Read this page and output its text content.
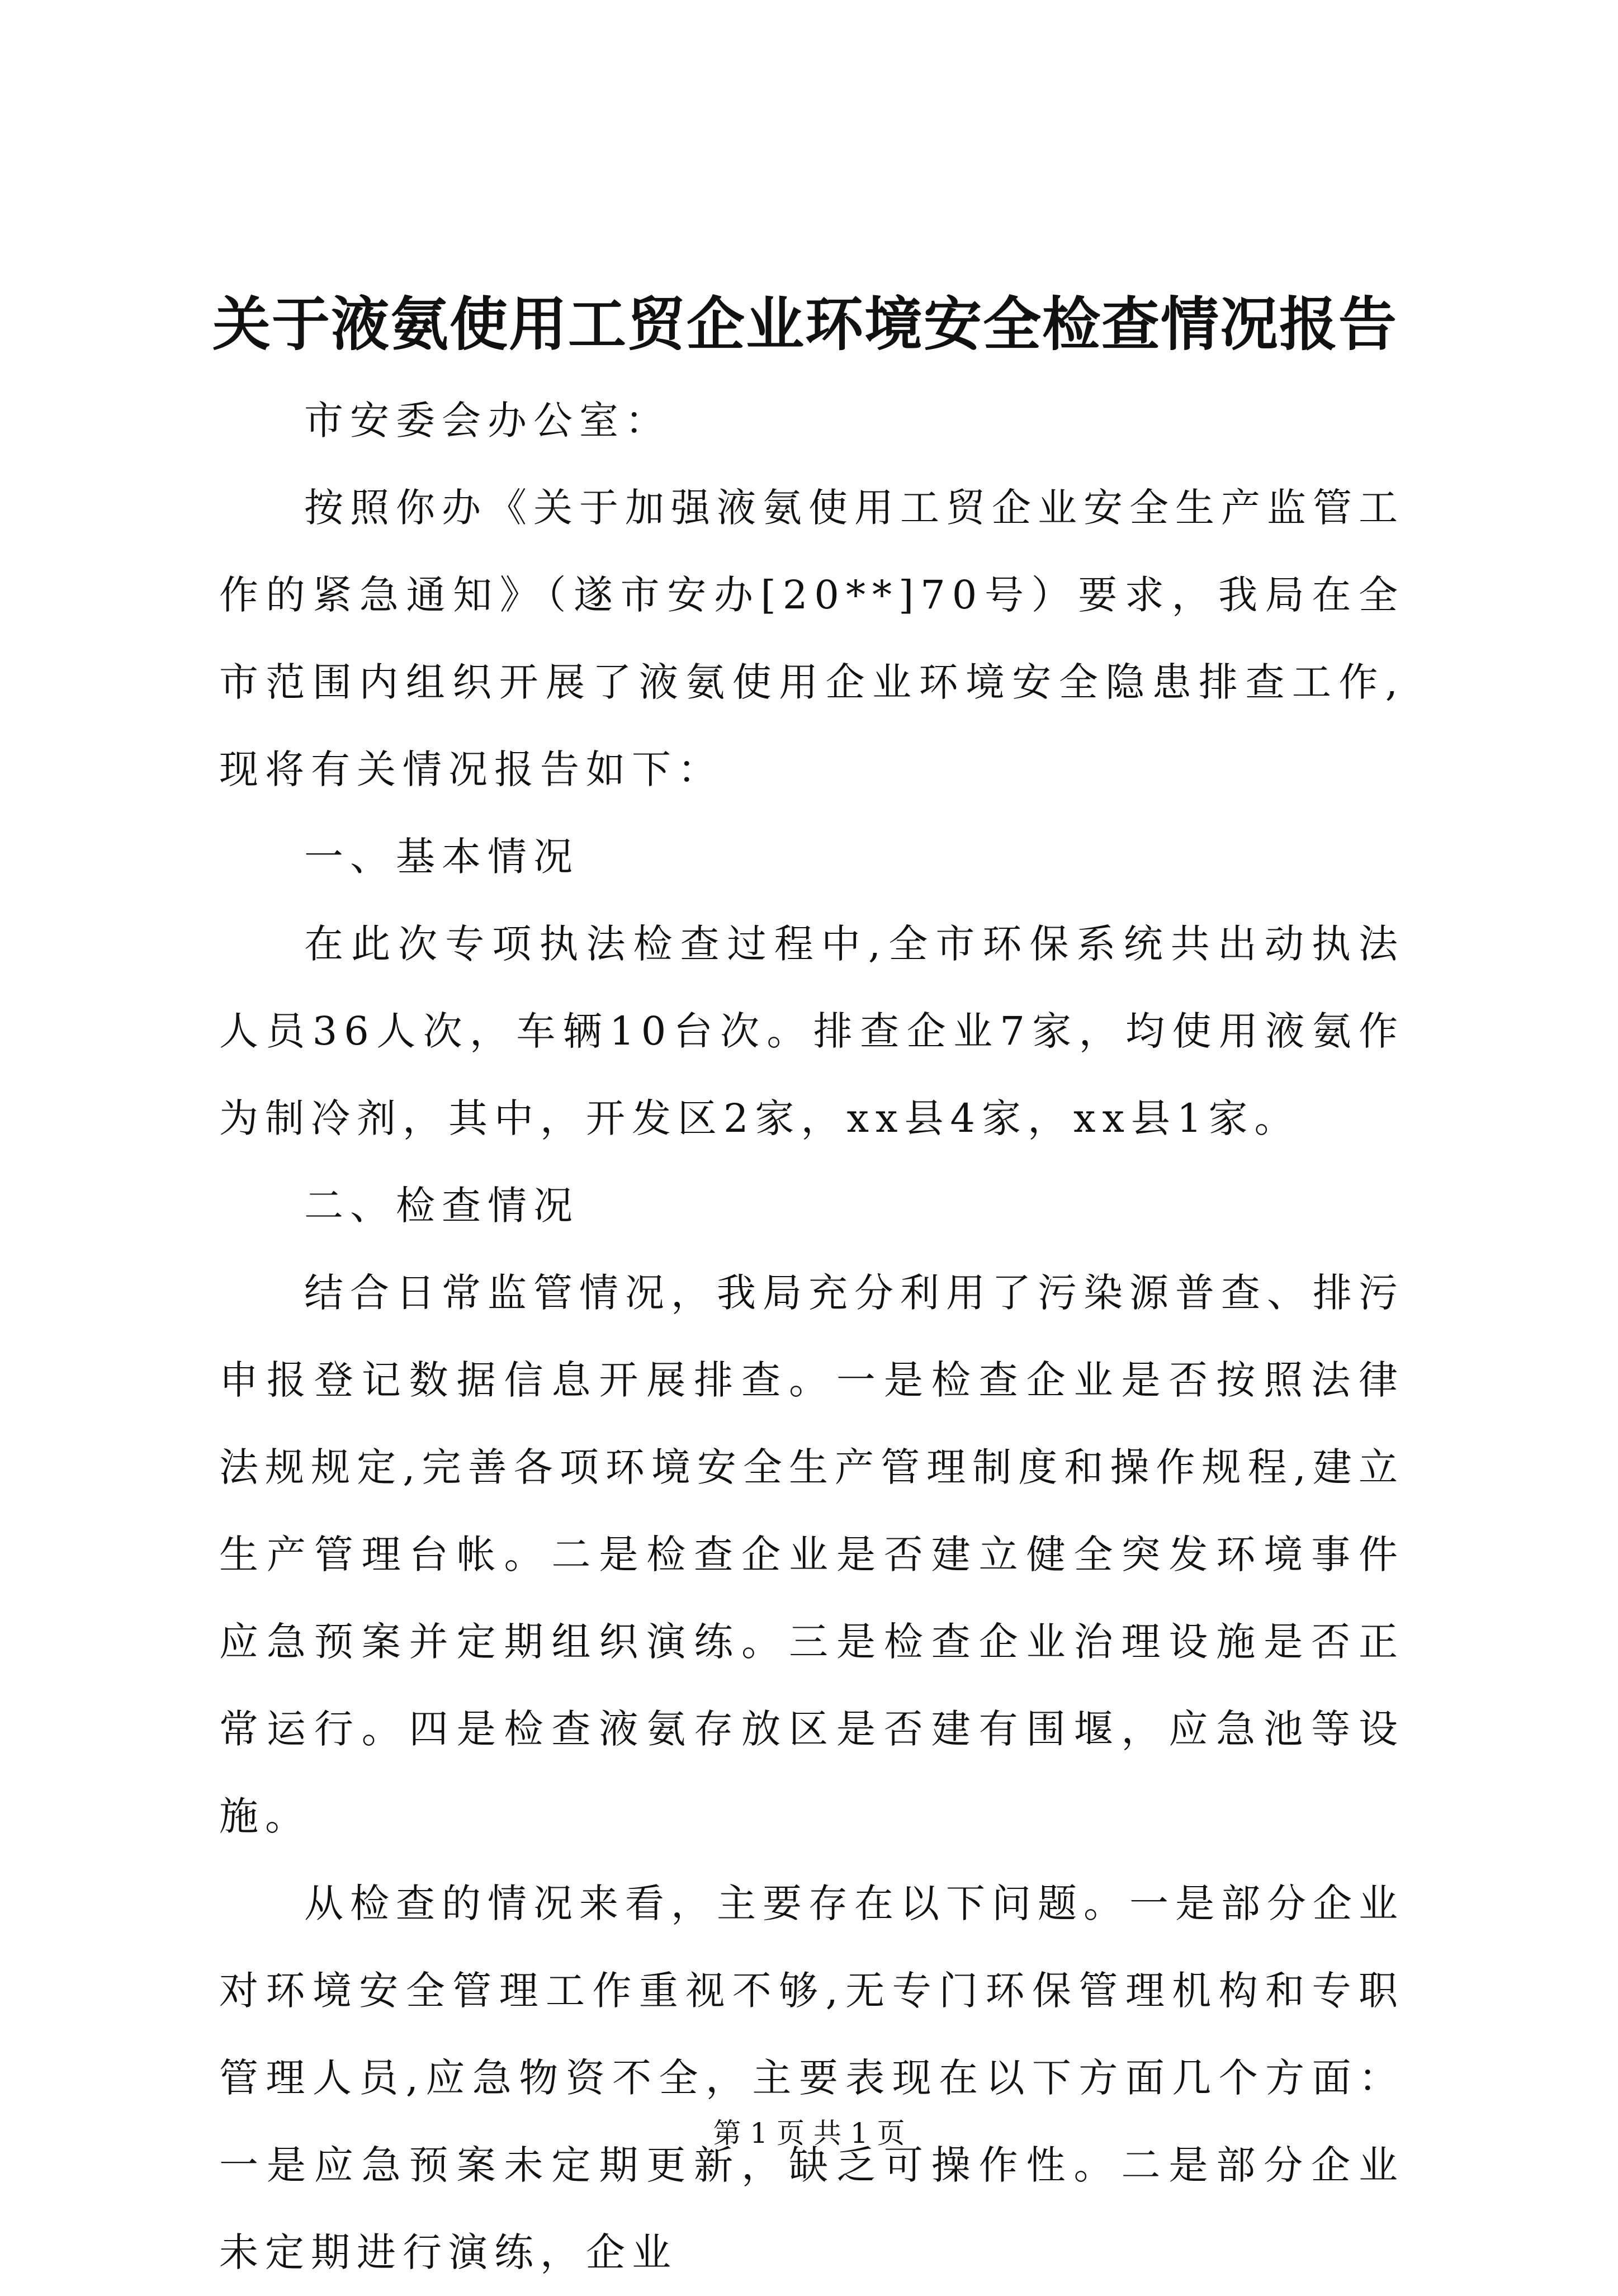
关于液氨使用工贸企业环境安全检查情况报告

市安委会办公室：

按照你办《关于加强液氨使用工贸企业安全生产监管工作的紧急通知》（遂市安办[20**]70号）要求，我局在全市范围内组织开展了液氨使用企业环境安全隐患排查工作,现将有关情况报告如下：

一、基本情况

在此次专项执法检查过程中,全市环保系统共出动执法人员36人次，车辆10台次。排查企业7家，均使用液氨作为制冷剂，其中，开发区2家，xx县4家，xx县1家。

二、检查情况

结合日常监管情况，我局充分利用了污染源普查、排污申报登记数据信息开展排查。一是检查企业是否按照法律法规规定,完善各项环境安全生产管理制度和操作规程,建立生产管理台帐。二是检查企业是否建立健全突发环境事件应急预案并定期组织演练。三是检查企业治理设施是否正常运行。四是检查液氨存放区是否建有围堰，应急池等设施。

从检查的情况来看，主要存在以下问题。一是部分企业对环境安全管理工作重视不够,无专门环保管理机构和专职管理人员,应急物资不全，主要表现在以下方面几个方面：一是应急预案未定期更新，缺乏可操作性。二是部分企业未定期进行演练，企业

第 1 页 共 1 页
